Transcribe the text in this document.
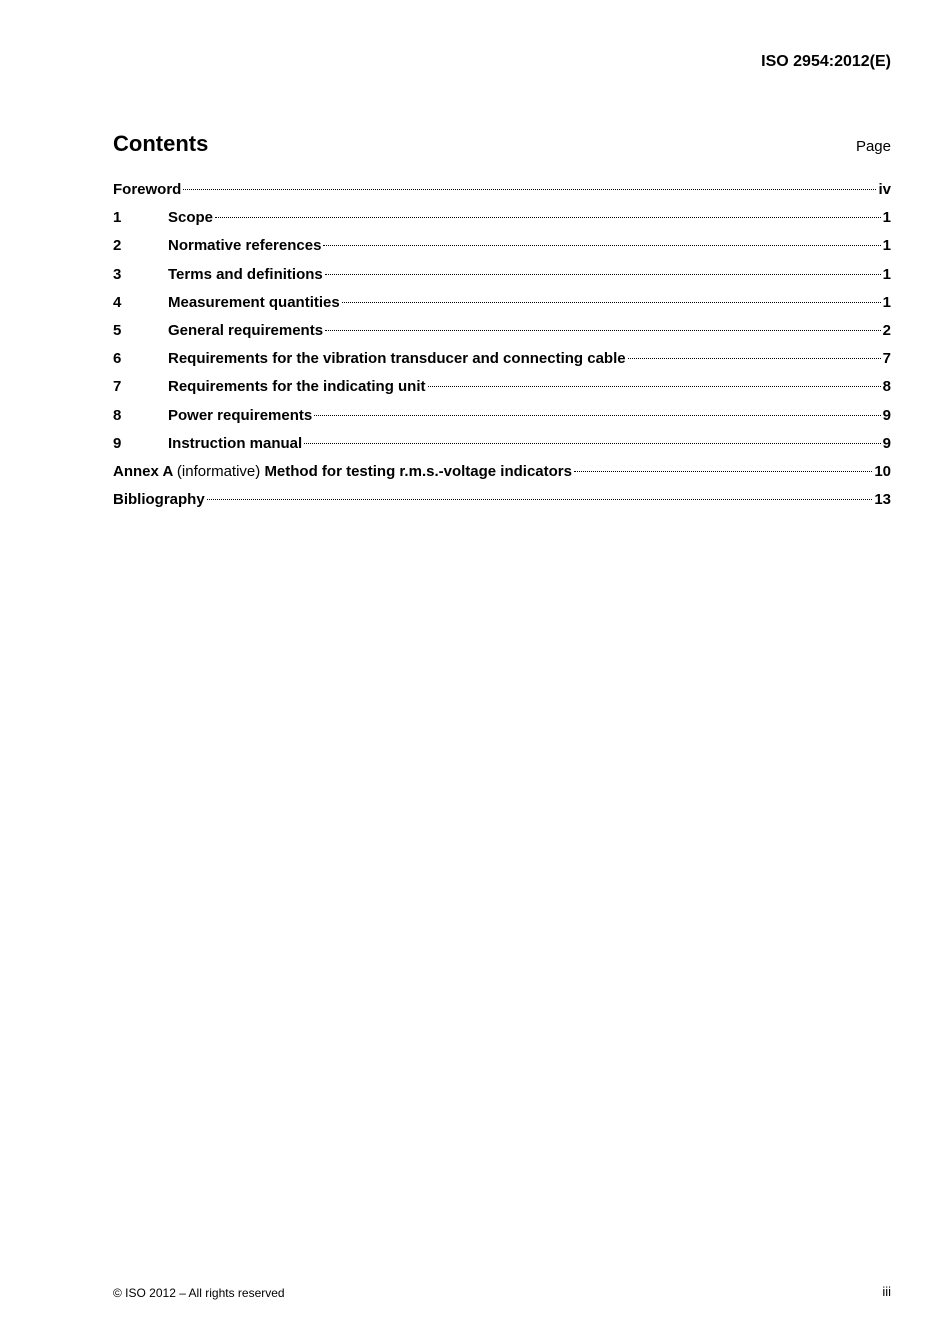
ISO 2954:2012(E)
Contents	Page
Foreword	iv
1	Scope	1
2	Normative references	1
3	Terms and definitions	1
4	Measurement quantities	1
5	General requirements	2
6	Requirements for the vibration transducer and connecting cable	7
7	Requirements for the indicating unit	8
8	Power requirements	9
9	Instruction manual	9
Annex A (informative) Method for testing r.m.s.-voltage indicators	10
Bibliography	13
© ISO 2012 – All rights reserved	iii
